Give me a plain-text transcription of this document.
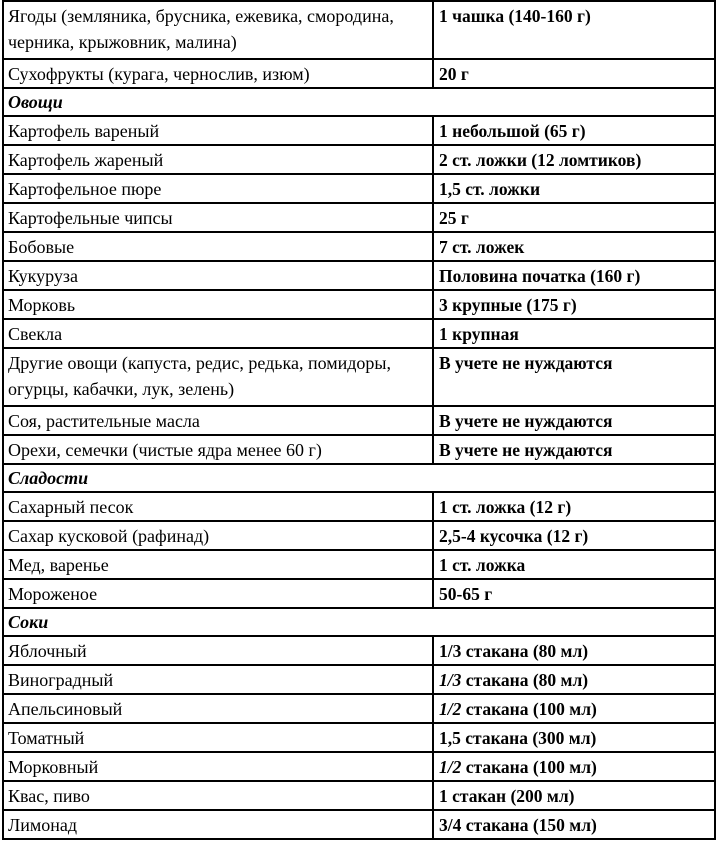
Ягоды (земляника, брусника, ежевика, смородина, черника, крыжовник, малина)	1 чашка (140-160 г)
Сухофрукты (курага, чернослив, изюм)	20 г
Овощи	
Картофель вареный	1 небольшой (65 г)
Картофель жареный	2 ст. ложки (12 ломтиков)
Картофельное пюре	1,5 ст. ложки
Картофельные чипсы	25 г
Бобовые	7 ст. ложек
Кукуруза	Половина початка (160 г)
Морковь	3 крупные (175 г)
Свекла	1 крупная
Другие овощи (капуста, редис, редька, помидоры, огурцы, кабачки, лук, зелень)	В учете не нуждаются
Соя, растительные масла	В учете не нуждаются
Орехи, семечки (чистые ядра менее 60 г)	В учете не нуждаются
Сладости	
Сахарный песок	1 ст. ложка (12 г)
Сахар кусковой (рафинад)	2,5-4 кусочка (12 г)
Мед, варенье	1 ст. ложка
Мороженое	50-65 г
Соки	
Яблочный	1/3 стакана (80 мл)
Виноградный	1/3 стакана (80 мл)
Апельсиновый	1/2 стакана (100 мл)
Томатный	1,5 стакана (300 мл)
Морковный	1/2 стакана (100 мл)
Квас, пиво	1 стакан (200 мл)
Лимонад	3/4 стакана (150 мл)
